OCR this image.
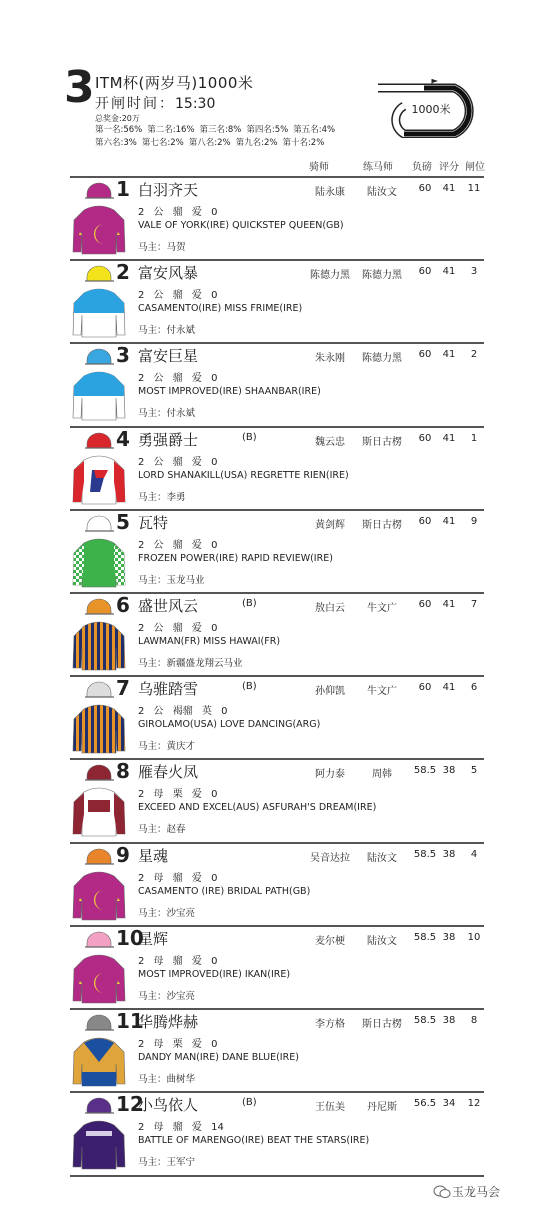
3 ITM杯(两岁马)1000米
开闸时间：15:30
总奖金:20万
第一名:56% 第二名:16% 第三名:8% 第四名:5% 第五名:4%
第六名:3% 第七名:2% 第八名:2% 第九名:2% 第十名:2%
1000米
骑师	练马师 负磅 评分 闸位
1 白羽齐天	陆永康	陆汝文	60	41	11
2 公 骝 爱 0
VALE OF YORK(IRE) QUICKSTEP QUEEN(GB)
马主：马贺
2 富安风暴	陈德力黑	陈德力黑	60	41	3
2 公 骝 爱 0
CASAMENTO(IRE) MISS FRIME(IRE)
马主：付永斌
3 富安巨星	朱永刚	陈德力黑	60	41	2
2 公 骝 爱 0
MOST IMPROVED(IRE) SHAANBAR(IRE)
马主：付永斌
4 勇强爵士	(B)	魏云忠	斯日古楞	60	41	1
2 公 骝 爱 0
LORD SHANAKILL(USA) REGRETTE RIEN(IRE)
马主：李勇
5 瓦特	黄剑辉	斯日古楞	60	41	9
2 公 骝 爱 0
FROZEN POWER(IRE) RAPID REVIEW(IRE)
马主：玉龙马业
6 盛世风云	(B)	敖白云	牛文广	60	41	7
2 公 骝 爱 0
LAWMAN(FR) MISS HAWAI(FR)
马主：新疆盛龙翔云马业
7 乌骓踏雪	(B)	孙仰凯	牛文广	60	41	6
2 公 褐骝 英 0
GIROLAMO(USA) LOVE DANCING(ARG)
马主：黄庆才
8 雁春火凤	阿力泰	周韩	58.5 38	5
2 母 栗 爱 0
EXCEED AND EXCEL(AUS) ASFURAH'S DREAM(IRE)
马主：赵春
9 星魂	吴音达拉	陆汝文	58.5 38	4
2 母 骝 爱 0
CASAMENTO (IRE) BRIDAL PATH(GB)
马主：沙宝亮
10
星辉	麦尔梗	陆汝文	58.5 38	10
2 母 骝 爱 0
MOST IMPROVED(IRE) IKAN(IRE)
马主：沙宝亮
11
华腾烨赫	李方格	斯日古楞	58.5 38	8
2 母 栗 爱 0
DANDY MAN(IRE) DANE BLUE(IRE)
马主：曲树华
12
小鸟依人	(B)	王伍美	丹尼斯	56.5 34	12
2 母 骝 爱 14
BATTLE OF MARENGO(IRE) BEAT THE STARS(IRE)
马主：王军宁
玉龙马会
